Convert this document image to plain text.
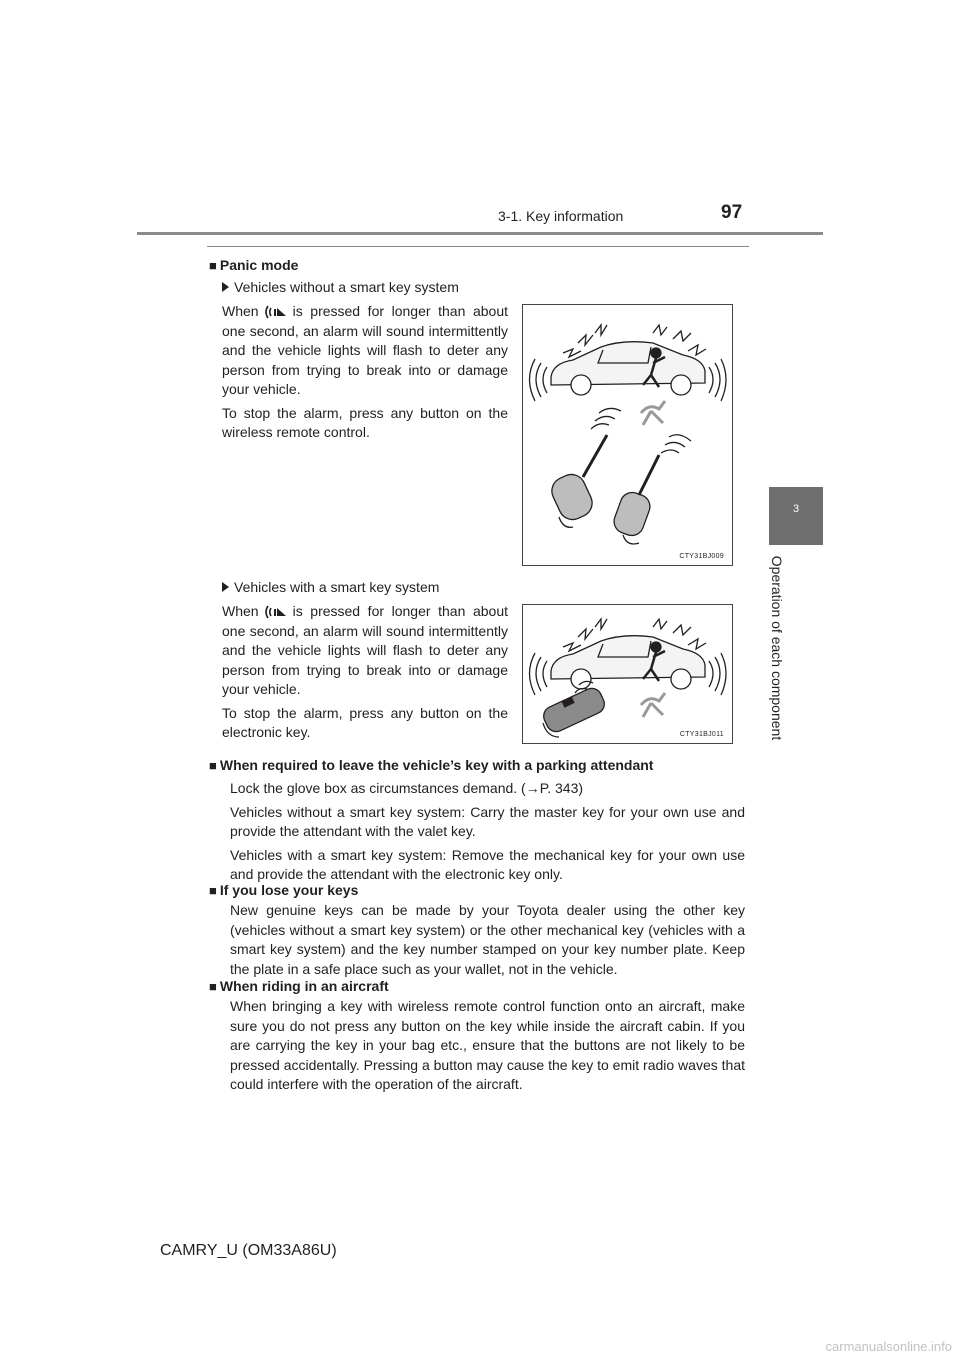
3-1. Key information	97
3
Operation of each component
■ Panic mode
Vehicles without a smart key system

When is pressed for longer than about one second, an alarm will sound intermittently and the vehicle lights will flash to deter any person from trying to break into or damage your vehicle.

To stop the alarm, press any button on the wireless remote control.

CTY31BJ009
Vehicles with a smart key system

When is pressed for longer than about one second, an alarm will sound intermittently and the vehicle lights will flash to deter any person from trying to break into or damage your vehicle.

To stop the alarm, press any button on the electronic key.	CTY31BJ011
■ When required to leave the vehicle’s key with a parking attendant

Lock the glove box as circumstances demand. (→P. 343)

Vehicles without a smart key system: Carry the master key for your own use and provide the attendant with the valet key.

Vehicles with a smart key system: Remove the mechanical key for your own use and provide the attendant with the electronic key only.

■ If you lose your keys

New genuine keys can be made by your Toyota dealer using the other key (vehicles without a smart key system) or the other mechanical key (vehicles with a smart key system) and the key number stamped on your key number plate. Keep the plate in a safe place such as your wallet, not in the vehicle.

■ When riding in an aircraft

When bringing a key with wireless remote control function onto an aircraft, make sure you do not press any button on the key while inside the aircraft cabin. If you are carrying the key in your bag etc., ensure that the buttons are not likely to be pressed accidentally. Pressing a button may cause the key to emit radio waves that could interfere with the operation of the aircraft.

CAMRY_U (OM33A86U)
carmanualsonline.info
